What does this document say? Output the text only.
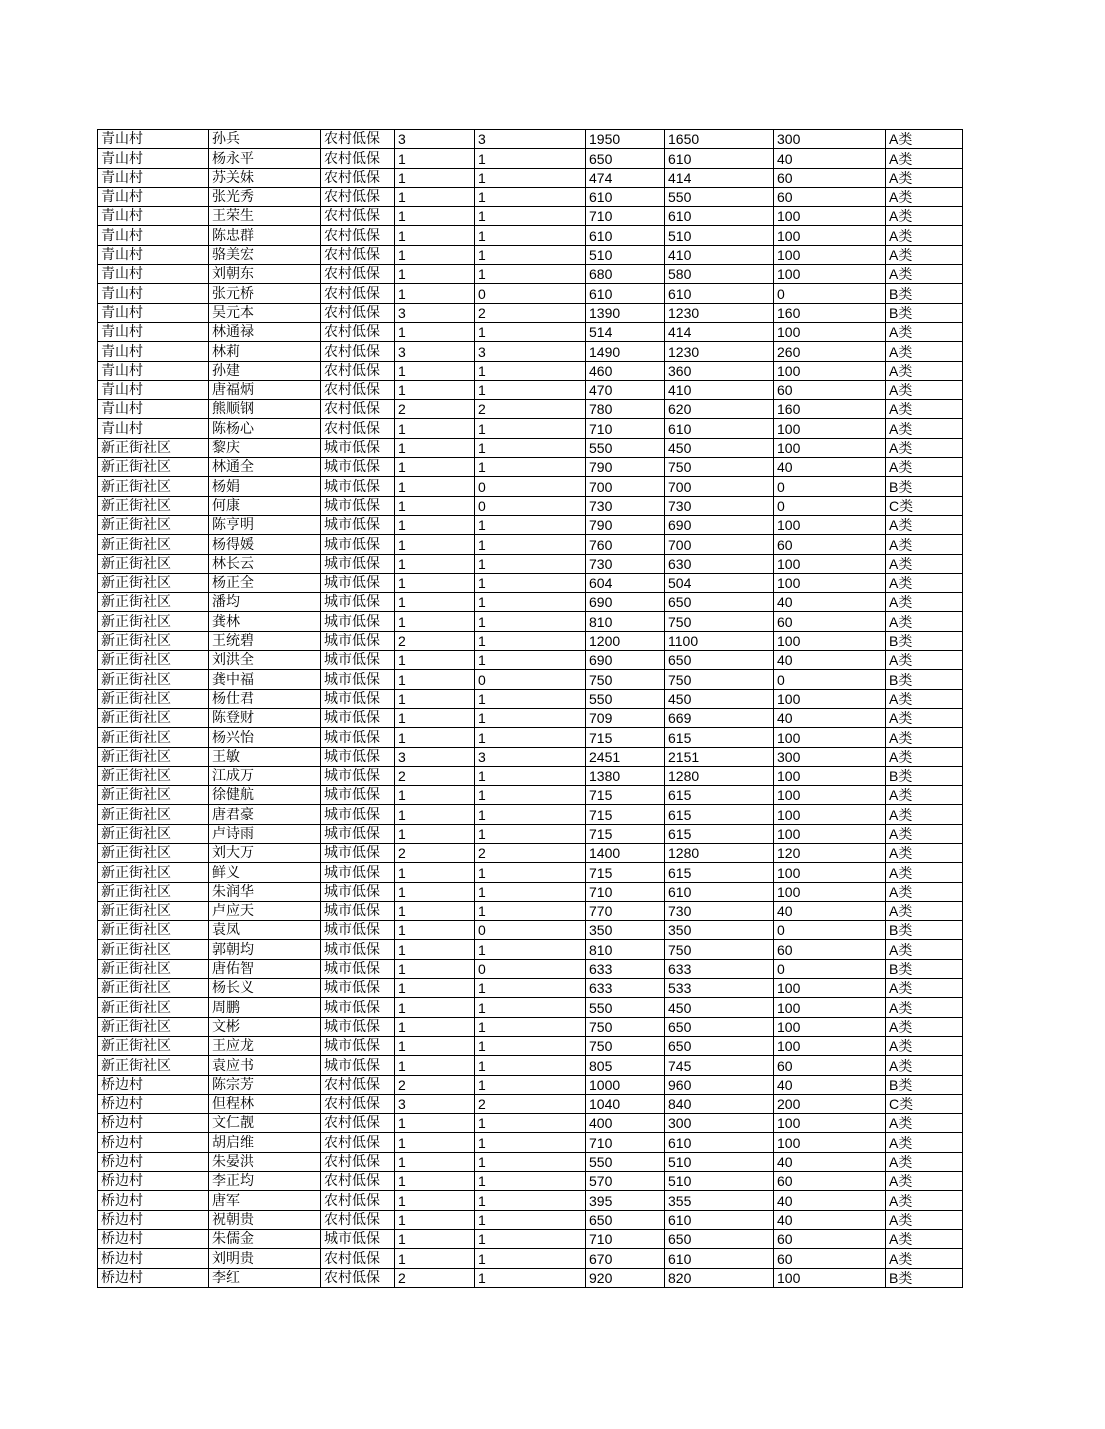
青山村	孙兵	农村低保	3	3	1950	1650	300	A类
青山村	杨永平	农村低保	1	1	650	610	40	A类
青山村	苏关妹	农村低保	1	1	474	414	60	A类
青山村	张光秀	农村低保	1	1	610	550	60	A类
青山村	王荣生	农村低保	1	1	710	610	100	A类
青山村	陈忠群	农村低保	1	1	610	510	100	A类
青山村	骆美宏	农村低保	1	1	510	410	100	A类
青山村	刘朝东	农村低保	1	1	680	580	100	A类
青山村	张元桥	农村低保	1	0	610	610	0	B类
青山村	吴元本	农村低保	3	2	1390	1230	160	B类
青山村	林通禄	农村低保	1	1	514	414	100	A类
青山村	林莉	农村低保	3	3	1490	1230	260	A类
青山村	孙建	农村低保	1	1	460	360	100	A类
青山村	唐福炳	农村低保	1	1	470	410	60	A类
青山村	熊顺钢	农村低保	2	2	780	620	160	A类
青山村	陈杨心	农村低保	1	1	710	610	100	A类
新正街社区	黎庆	城市低保	1	1	550	450	100	A类
新正街社区	林通全	城市低保	1	1	790	750	40	A类
新正街社区	杨娟	城市低保	1	0	700	700	0	B类
新正街社区	何康	城市低保	1	0	730	730	0	C类
新正街社区	陈亨明	城市低保	1	1	790	690	100	A类
新正街社区	杨得媛	城市低保	1	1	760	700	60	A类
新正街社区	林长云	城市低保	1	1	730	630	100	A类
新正街社区	杨正全	城市低保	1	1	604	504	100	A类
新正街社区	潘均	城市低保	1	1	690	650	40	A类
新正街社区	龚林	城市低保	1	1	810	750	60	A类
新正街社区	王统碧	城市低保	2	1	1200	1100	100	B类
新正街社区	刘洪全	城市低保	1	1	690	650	40	A类
新正街社区	龚中福	城市低保	1	0	750	750	0	B类
新正街社区	杨仕君	城市低保	1	1	550	450	100	A类
新正街社区	陈登财	城市低保	1	1	709	669	40	A类
新正街社区	杨兴怡	城市低保	1	1	715	615	100	A类
新正街社区	王敏	城市低保	3	3	2451	2151	300	A类
新正街社区	江成万	城市低保	2	1	1380	1280	100	B类
新正街社区	徐健航	城市低保	1	1	715	615	100	A类
新正街社区	唐君豪	城市低保	1	1	715	615	100	A类
新正街社区	卢诗雨	城市低保	1	1	715	615	100	A类
新正街社区	刘大万	城市低保	2	2	1400	1280	120	A类
新正街社区	鲜义	城市低保	1	1	715	615	100	A类
新正街社区	朱润华	城市低保	1	1	710	610	100	A类
新正街社区	卢应天	城市低保	1	1	770	730	40	A类
新正街社区	袁凤	城市低保	1	0	350	350	0	B类
新正街社区	郭朝均	城市低保	1	1	810	750	60	A类
新正街社区	唐佑智	城市低保	1	0	633	633	0	B类
新正街社区	杨长义	城市低保	1	1	633	533	100	A类
新正街社区	周鹏	城市低保	1	1	550	450	100	A类
新正街社区	文彬	城市低保	1	1	750	650	100	A类
新正街社区	王应龙	城市低保	1	1	750	650	100	A类
新正街社区	袁应书	城市低保	1	1	805	745	60	A类
桥边村	陈宗芳	农村低保	2	1	1000	960	40	B类
桥边村	但程林	农村低保	3	2	1040	840	200	C类
桥边村	文仁靓	农村低保	1	1	400	300	100	A类
桥边村	胡启维	农村低保	1	1	710	610	100	A类
桥边村	朱晏洪	农村低保	1	1	550	510	40	A类
桥边村	李正均	农村低保	1	1	570	510	60	A类
桥边村	唐军	农村低保	1	1	395	355	40	A类
桥边村	祝朝贵	农村低保	1	1	650	610	40	A类
桥边村	朱儒金	城市低保	1	1	710	650	60	A类
桥边村	刘明贵	农村低保	1	1	670	610	60	A类
桥边村	李红	农村低保	2	1	920	820	100	B类
